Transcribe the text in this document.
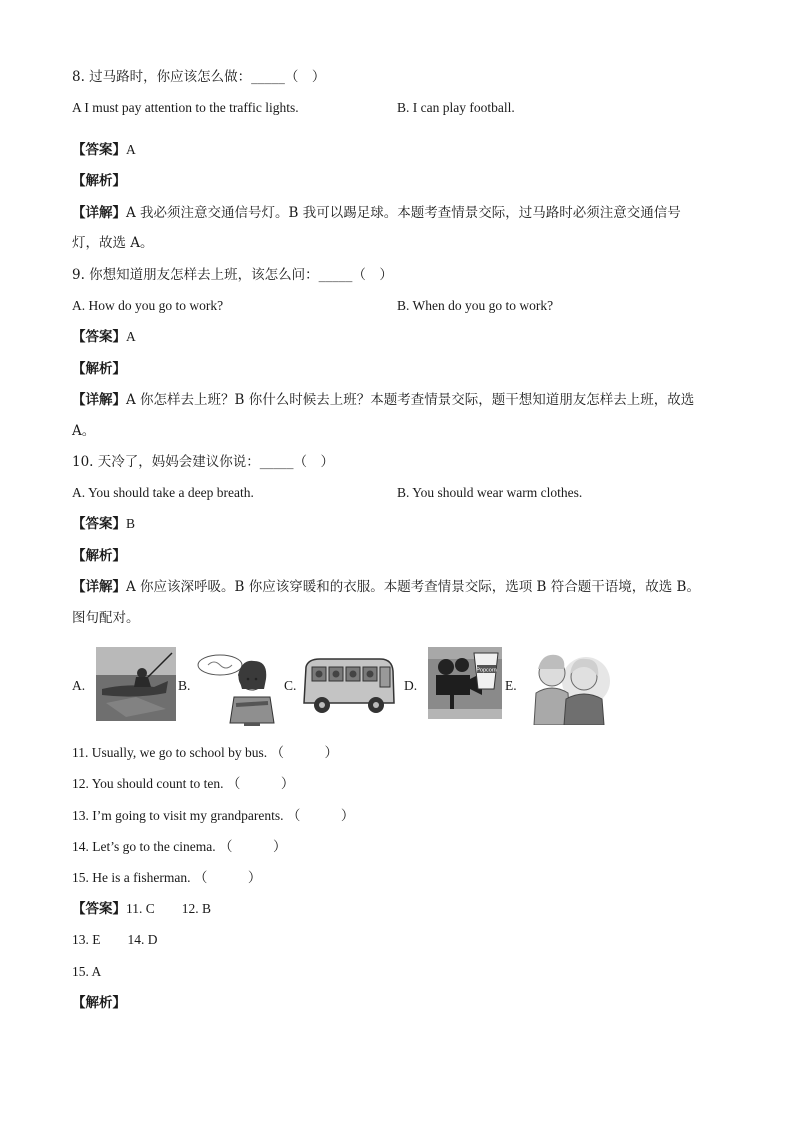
8. 过马路时，你应该怎么做：_____（　）
A I must pay attention to the traffic lights.	B. I can play football.
【答案】A
【解析】
【详解】A 我必须注意交通信号灯。B 我可以踢足球。本题考查情景交际，过马路时必须注意交通信号
灯，故选 A。
9. 你想知道朋友怎样去上班，该怎么问：_____（　）
A. How do you go to work?	B. When do you go to work?
【答案】A
【解析】
【详解】A 你怎样去上班？B 你什么时候去上班？本题考查情景交际，题干想知道朋友怎样去上班，故选
A。
10. 天冷了，妈妈会建议你说：_____（　）
A. You should take a deep breath.	B. You should wear warm clothes.
【答案】B
【解析】
【详解】A 你应该深呼吸。B 你应该穿暖和的衣服。本题考查情景交际，选项 B 符合题干语境，故选 B。
图句配对。
A.	B.	C.	D.
Popcorn
E.
11. Usually, we go to school by bus. （　　　）
12. You should count to ten. （　　　）
13. I’m going to visit my grandparents. （　　　）
14. Let’s go to the cinema. （　　　）
15. He is a fisherman. （　　　）
【答案】11. C　　12. B
13. E　　14. D
15. A
【解析】
